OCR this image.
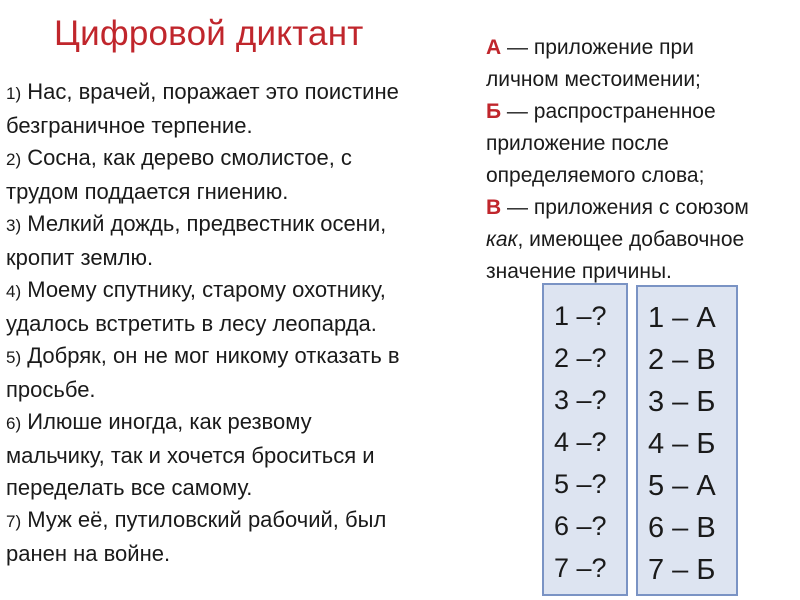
Цифровой диктант
1) Нас, врачей, поражает это поистине
безграничное терпение.
2) Сосна, как дерево смолистое, с
трудом поддается гниению.
3) Мелкий дождь, предвестник осени,
кропит землю.
4) Моему спутнику, старому охотнику,
удалось встретить в лесу леопарда.
5) Добряк, он не мог никому отказать в
просьбе.
6) Илюше иногда, как резвому
мальчику, так и хочется броситься и
переделать все самому.
7) Муж её, путиловский рабочий, был
ранен на войне.
А — приложение при
личном местоимении;
Б — распространенное
приложение после
определяемого слова;
В — приложения с союзом
как, имеющее добавочное
значение причины.
1 –?
2 –?
3 –?
4 –?
5 –?
6 –?
7 –?
1 – А
2 – В
3 – Б
4 – Б
5 – А
6 – В
7 – Б
